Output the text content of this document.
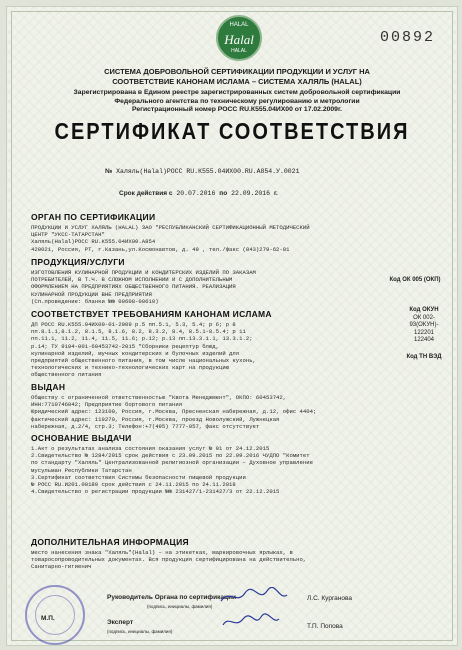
HALAL
Halal
HALAL
00892
СИСТЕМА ДОБРОВОЛЬНОЙ СЕРТИФИКАЦИИ ПРОДУКЦИИ И УСЛУГ НА
СООТВЕТСТВИЕ КАНОНАМ ИСЛАМА – СИСТЕМА ХАЛЯЛЬ (HALAL)
Зарегистрирована в Едином реестре зарегистрированных систем добровольной сертификации
Федерального агентства по техническому регулированию и метрологии
Регистрационный номер РОСС RU.К555.04ИХ00 от 17.02.2009г.
СЕРТИФИКАТ СООТВЕТСТВИЯ
№ Халяль(Halal)РОСС RU.К555.04ИХ00.RU.А854.У.0021
Срок действия с 20.07.2016 по 22.09.2016 г.
ОРГАН ПО СЕРТИФИКАЦИИ
ПРОДУКЦИИ И УСЛУГ ХАЛЯЛЬ (HALAL) ЗАО "РЕСПУБЛИКАНСКИЙ СЕРТИФИКАЦИОННЫЙ МЕТОДИЧЕСКИЙ
ЦЕНТР "УКСС-ТАТАРСТАН"
Халяль(Halal)РОСС RU.К555.04ИХ00.А854
420021, Россия, РТ, г.Казань,ул.Космонавтов, д. 49 , тел./факс (843)279-62-81
ПРОДУКЦИЯ/УСЛУГИ
ИЗГОТОВЛЕНИЯ КУЛИНАРНОЙ ПРОДУКЦИИ И КОНДИТЕРСКИХ ИЗДЕЛИЙ ПО ЗАКАЗАМ
ПОТРЕБИТЕЛЕЙ, В Т.Ч. В СЛОЖНОМ ИСПОЛНЕНИИ И С ДОПОЛНИТЕЛЬНЫМ
ОФОРМЛЕНИЕМ НА ПРЕДПРИЯТИЯХ ОБЩЕСТВЕННОГО ПИТАНИЯ. РЕАЛИЗАЦИЯ
КУЛИНАРНОЙ ПРОДУКЦИИ ВНЕ ПРЕДПРИЯТИЯ
(Сп.проведение: бланки №№ 00608-00610)
Код ОК 005 (ОКП)
СООТВЕТСТВУЕТ ТРЕБОВАНИЯМ КАНОНАМ ИСЛАМА
ДП РОСС RU.К555.04ИХ00-01-2009 р.5 пп.5.1, 5.3, 5.4; р 6; р 8
пп.8.1.1,8.1.2, 8.1.5, 8.1.6, 8.2, 8.3.2, 8.4, 8.5.1-8.5.4; р 11
пп.11.1, 11.2, 11.4, 11.5, 11.6; р.12; р.13 пп.13.3.1.1, 13.3.1.2;
р.14; ТУ 9194-001-60453742-2015 "Сборники рецептур блюд,
кулинарной изделий, мучных кондитерских и булочных изделий для
предприятий общественного питания, в том числе национальных кухонь,
технологических и технико-технологических карт на продукцию
общественного питания
Код ОКУН
ОК 002-93(ОКУН)-
122201
122404
Код ТН ВЭД
ВЫДАН
Обществу с ограниченной ответственностью "Квота Менеджмент", ОКПО: 60453742,
ИНН:7710746042; Предприятие бортового питания
Юридический адрес: 123100, Россия, г.Москва, Пресненская набережная, д.12, офис 4404;
фактический адрес: 119270, Россия, г.Москва, проезд Новолужский, Лужнецкая
набережная, д.2/4, стр.3; Телефон:+7(495) 7777-057, факс отсутствует
ОСНОВАНИЕ ВЫДАЧИ
1.Акт о результатах анализа состояния оказания услуг № 01 от 24.12.2015
2.Свидетельство № 1284/2015 срок действия с 23.09.2015 по 22.09.2016 ЧУДПО "Комитет
по стандарту "Халяль" Централизованной религиозной организации – Духовное управление
мусульман Республики Татарстан
3.Сертификат соответствия Системы безопасности пищевой продукции
№ РОСС RU.И201.00189 срок действия с 24.11.2015 по 24.11.2018
4.Свидетельство о регистрации продукции №№ 231427/1-231427/3 от 22.12.2015
ДОПОЛНИТЕЛЬНАЯ ИНФОРМАЦИЯ
место нанесения знака "Халяль"(Halal) – на этикетках, маркировочных ярлыках, в
товаросопроводительных документах. Вся продукция сертифицирована на действительно,
Санитарно-гигиенич
М.П.
Руководитель Органа по сертификации
(подпись, инициалы, фамилия)
Л.С. Курганова
Эксперт
(подпись, инициалы, фамилия)
Т.П. Попова
